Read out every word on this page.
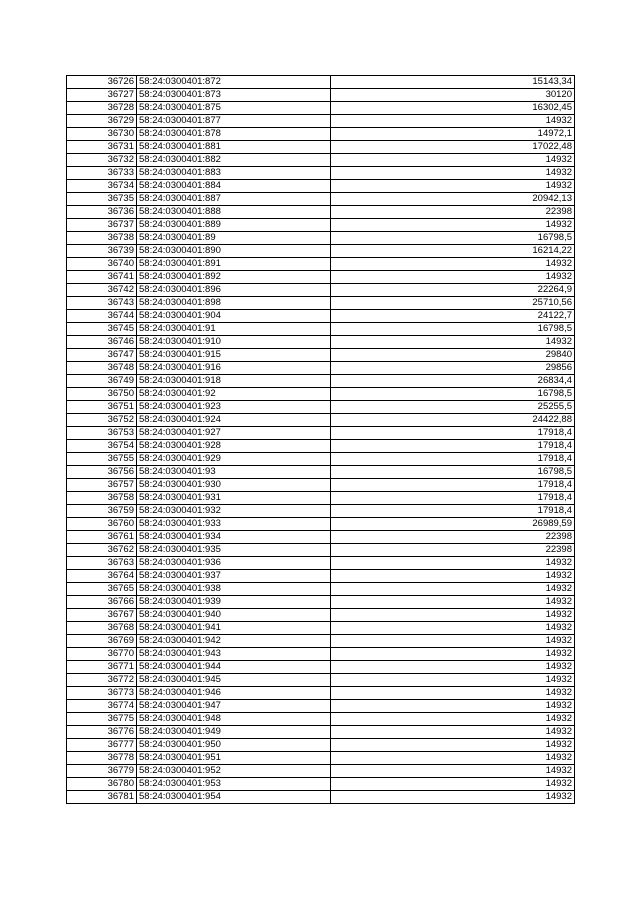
36726	58:24:0300401:872	15143,34
36727	58:24:0300401:873	30120
36728	58:24:0300401:875	16302,45
36729	58:24:0300401:877	14932
36730	58:24:0300401:878	14972,1
36731	58:24:0300401:881	17022,48
36732	58:24:0300401:882	14932
36733	58:24:0300401:883	14932
36734	58:24:0300401:884	14932
36735	58:24:0300401:887	20942,13
36736	58:24:0300401:888	22398
36737	58:24:0300401:889	14932
36738	58:24:0300401:89	16798,5
36739	58:24:0300401:890	16214,22
36740	58:24:0300401:891	14932
36741	58:24:0300401:892	14932
36742	58:24:0300401:896	22264,9
36743	58:24:0300401:898	25710,56
36744	58:24:0300401:904	24122,7
36745	58:24:0300401:91	16798,5
36746	58:24:0300401:910	14932
36747	58:24:0300401:915	29840
36748	58:24:0300401:916	29856
36749	58:24:0300401:918	26834,4
36750	58:24:0300401:92	16798,5
36751	58:24:0300401:923	25255,5
36752	58:24:0300401:924	24422,88
36753	58:24:0300401:927	17918,4
36754	58:24:0300401:928	17918,4
36755	58:24:0300401:929	17918,4
36756	58:24:0300401:93	16798,5
36757	58:24:0300401:930	17918,4
36758	58:24:0300401:931	17918,4
36759	58:24:0300401:932	17918,4
36760	58:24:0300401:933	26989,59
36761	58:24:0300401:934	22398
36762	58:24:0300401:935	22398
36763	58:24:0300401:936	14932
36764	58:24:0300401:937	14932
36765	58:24:0300401:938	14932
36766	58:24:0300401:939	14932
36767	58:24:0300401:940	14932
36768	58:24:0300401:941	14932
36769	58:24:0300401:942	14932
36770	58:24:0300401:943	14932
36771	58:24:0300401:944	14932
36772	58:24:0300401:945	14932
36773	58:24:0300401:946	14932
36774	58:24:0300401:947	14932
36775	58:24:0300401:948	14932
36776	58:24:0300401:949	14932
36777	58:24:0300401:950	14932
36778	58:24:0300401:951	14932
36779	58:24:0300401:952	14932
36780	58:24:0300401:953	14932
36781	58:24:0300401:954	14932
